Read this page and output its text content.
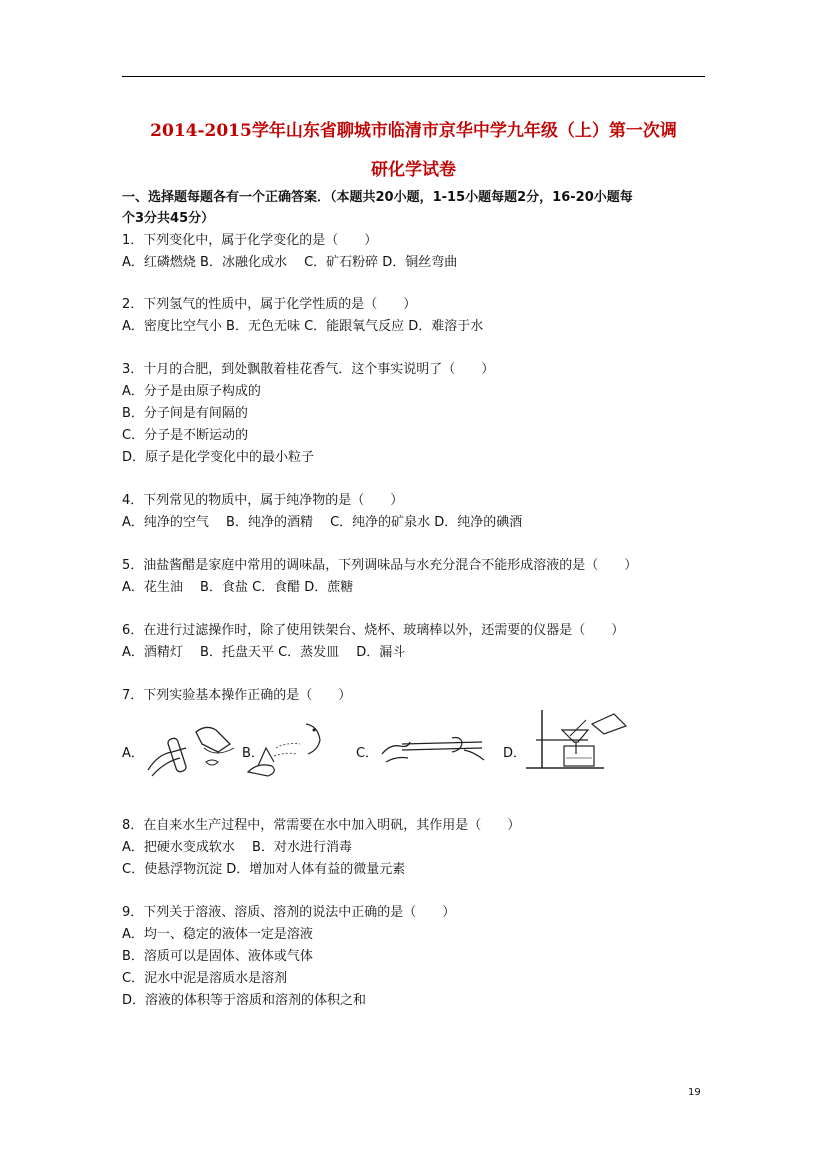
2014-2015学年山东省聊城市临清市京华中学九年级（上）第一次调
研化学试卷
一、选择题每题各有一个正确答案．（本题共20小题，1-15小题每题2分，16-20小题每
个3分共45分）
1．下列变化中，属于化学变化的是（　　）
A．红磷燃烧 B．冰融化成水　 C．矿石粉碎 D．铜丝弯曲
2．下列氢气的性质中，属于化学性质的是（　　）
A．密度比空气小 B．无色无味 C．能跟氧气反应 D．难溶于水
3．十月的合肥，到处飘散着桂花香气．这个事实说明了（　　）
A．分子是由原子构成的
B．分子间是有间隔的
C．分子是不断运动的
D．原子是化学变化中的最小粒子
4．下列常见的物质中，属于纯净物的是（　　）
A．纯净的空气　 B．纯净的酒精　 C．纯净的矿泉水 D．纯净的碘酒
5．油盐酱醋是家庭中常用的调味晶，下列调味品与水充分混合不能形成溶液的是（　　）
A．花生油　 B．食盐 C．食醋 D．蔗糖
6．在进行过滤操作时，除了使用铁架台、烧杯、玻璃棒以外，还需要的仪器是（　　）
A．酒精灯　 B．托盘天平 C．蒸发皿　 D．漏斗
7．下列实验基本操作正确的是（　　）
A．	B．	C．	D．
8．在自来水生产过程中，常需要在水中加入明矾，其作用是（　　）
A．把硬水变成软水　 B．对水进行消毒
C．使悬浮物沉淀 D．增加对人体有益的微量元素
9．下列关于溶液、溶质、溶剂的说法中正确的是（　　）
A．均一、稳定的液体一定是溶液
B．溶质可以是固体、液体或气体
C．泥水中泥是溶质水是溶剂
D．溶液的体积等于溶质和溶剂的体积之和
19
